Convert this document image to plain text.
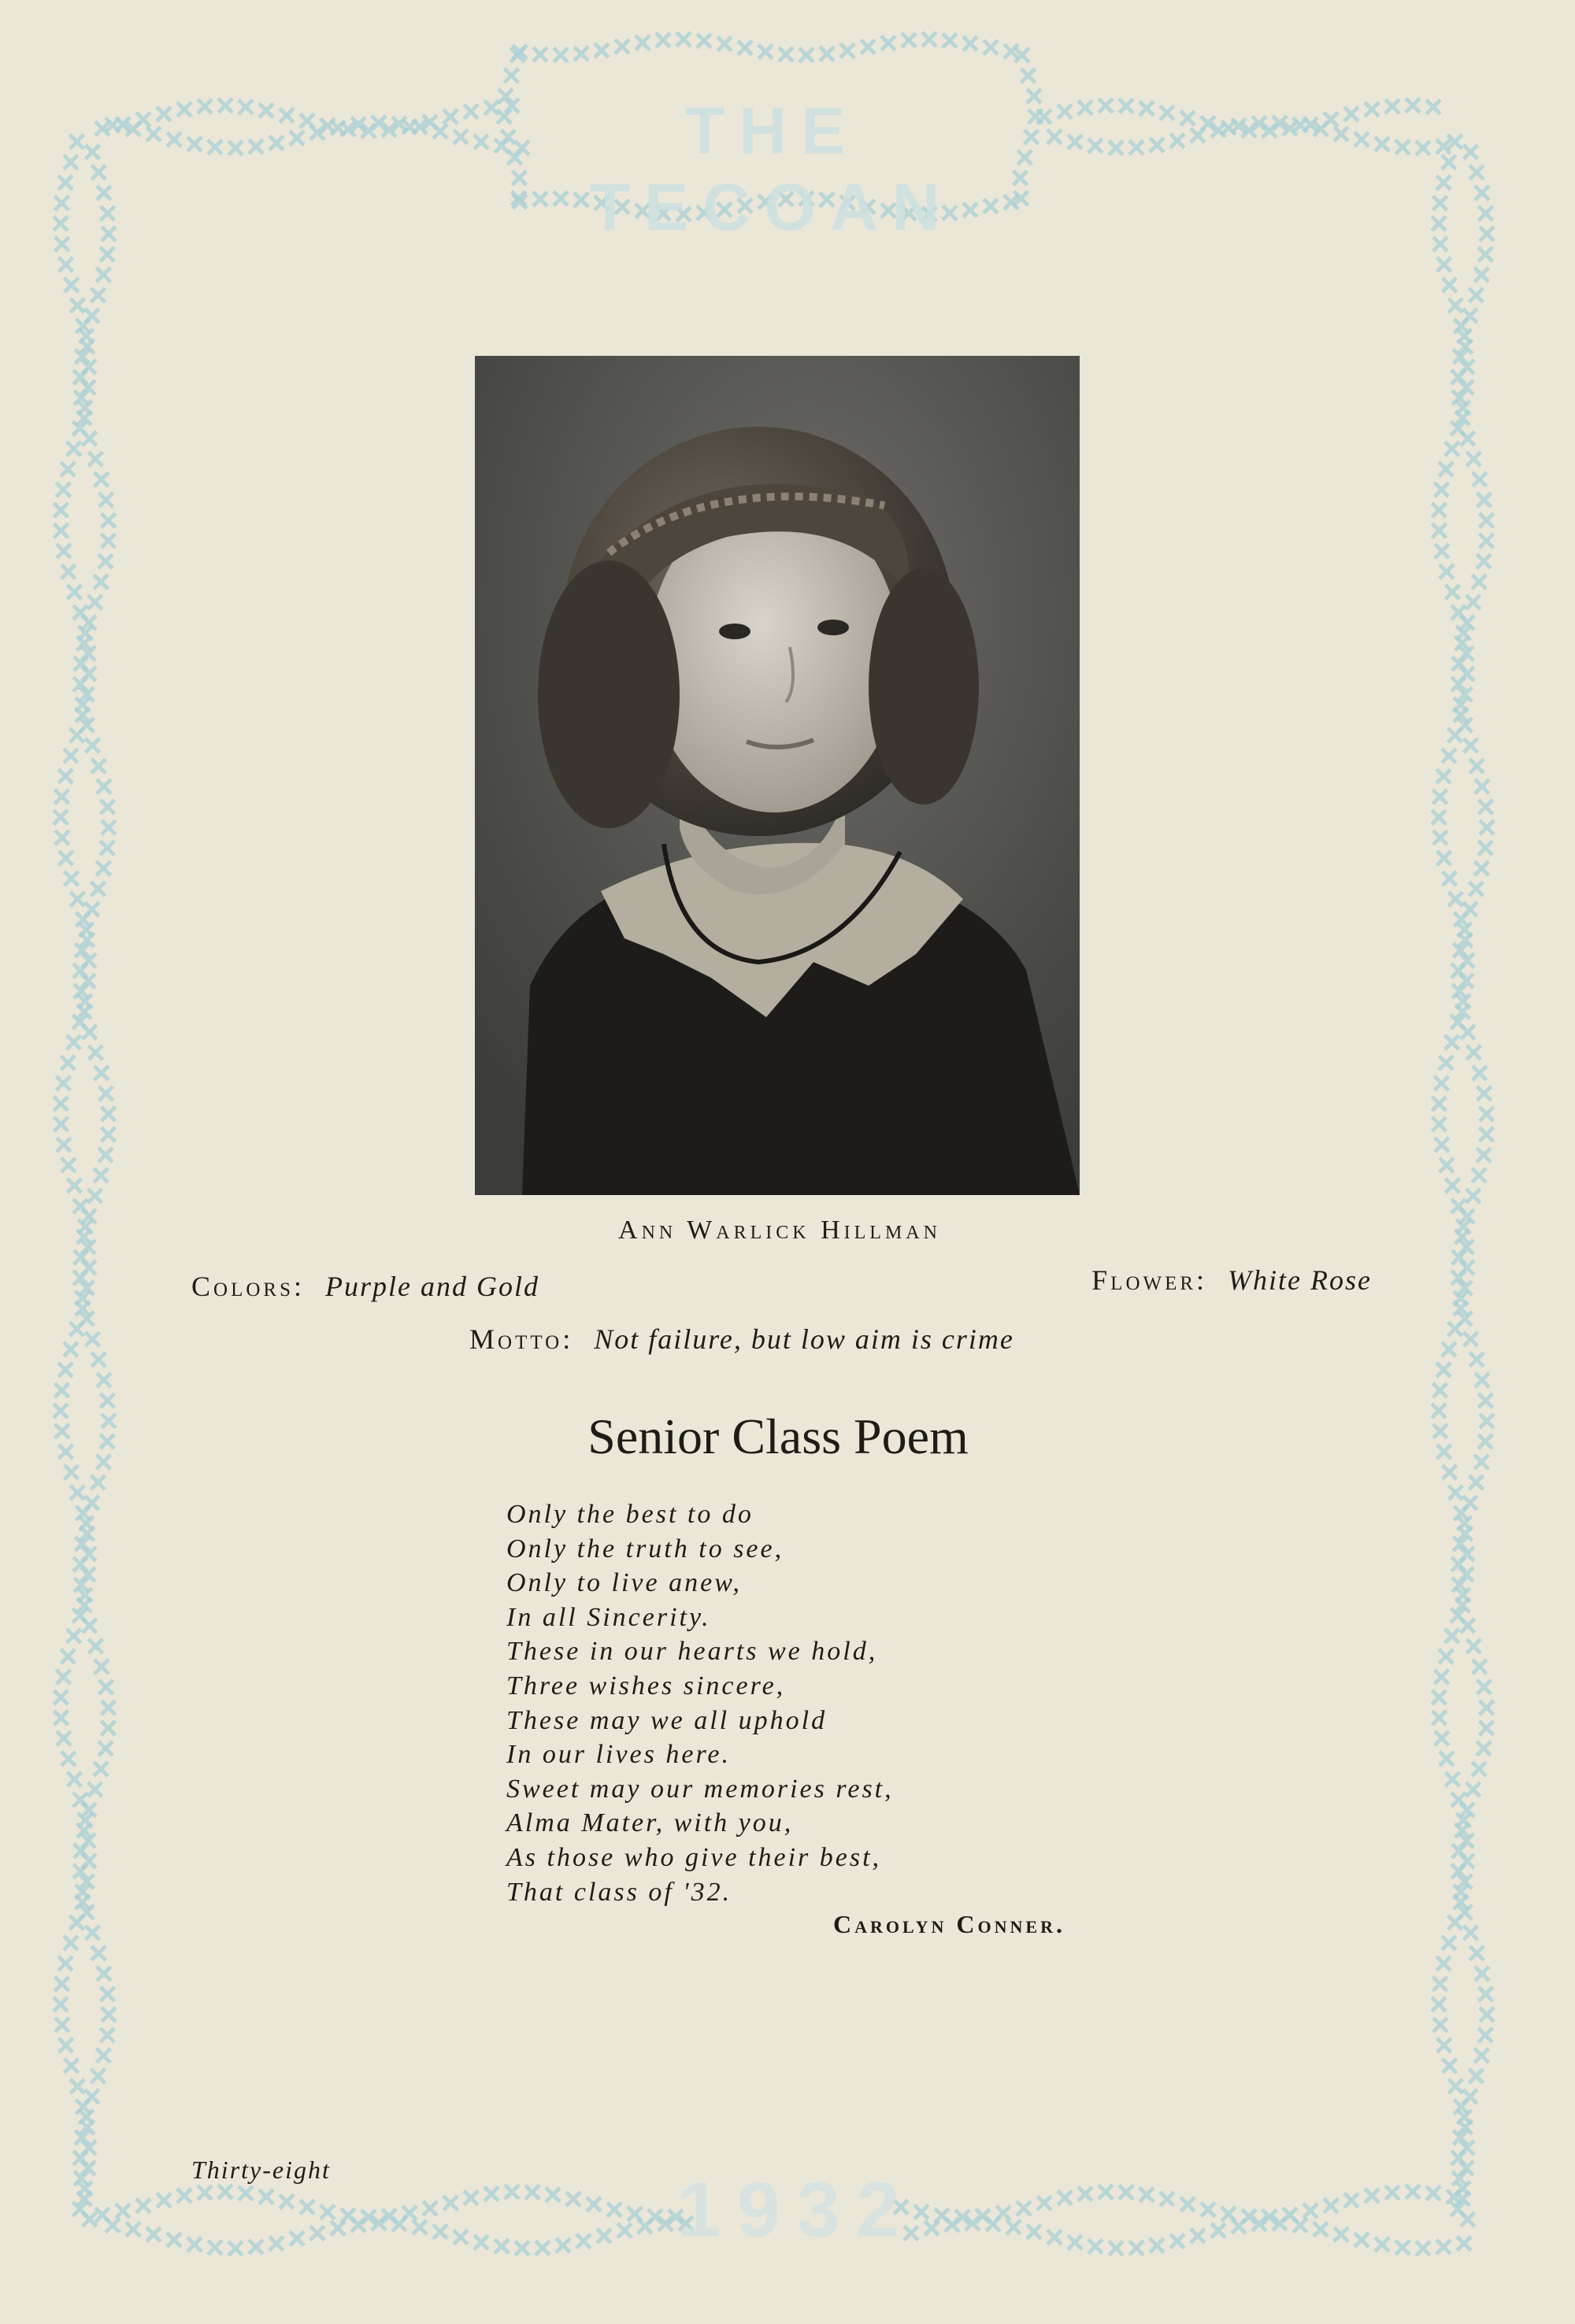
THE TECOAN
Ann Warlick Hillman
Colors: Purple and Gold	Flower: White Rose
Motto: Not failure, but low aim is crime
Senior Class Poem
Only the best to do
Only the truth to see,
Only to live anew,
In all Sincerity.
These in our hearts we hold,
Three wishes sincere,
These may we all uphold
In our lives here.
Sweet may our memories rest,
Alma Mater, with you,
As those who give their best,
That class of '32.
Carolyn Conner.
1932
Thirty-eight
